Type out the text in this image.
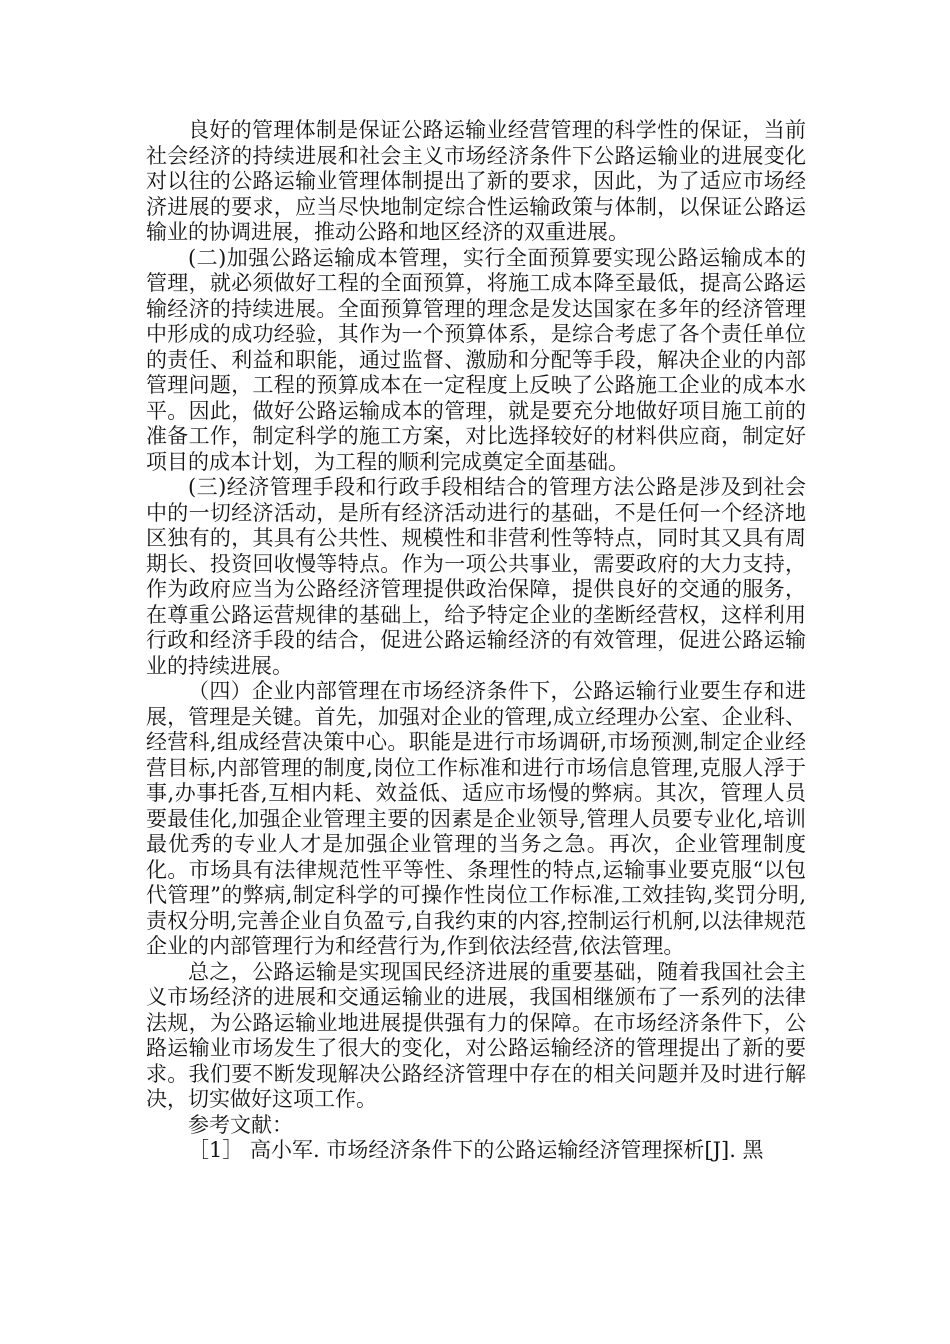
良好的管理体制是保证公路运输业经营管理的科学性的保证，当前社会经济的持续进展和社会主义市场经济条件下公路运输业的进展变化对以往的公路运输业管理体制提出了新的要求，因此，为了适应市场经济进展的要求，应当尽快地制定综合性运输政策与体制，以保证公路运输业的协调进展，推动公路和地区经济的双重进展。

(二)加强公路运输成本管理，实行全面预算要实现公路运输成本的管理，就必须做好工程的全面预算，将施工成本降至最低，提高公路运输经济的持续进展。全面预算管理的理念是发达国家在多年的经济管理中形成的成功经验，其作为一个预算体系，是综合考虑了各个责任单位的责任、利益和职能，通过监督、激励和分配等手段，解决企业的内部管理问题，工程的预算成本在一定程度上反映了公路施工企业的成本水平。因此，做好公路运输成本的管理，就是要充分地做好项目施工前的准备工作，制定科学的施工方案，对比选择较好的材料供应商，制定好项目的成本计划，为工程的顺利完成奠定全面基础。

(三)经济管理手段和行政手段相结合的管理方法公路是涉及到社会中的一切经济活动，是所有经济活动进行的基础，不是任何一个经济地区独有的，其具有公共性、规模性和非营利性等特点，同时其又具有周期长、投资回收慢等特点。作为一项公共事业，需要政府的大力支持，作为政府应当为公路经济管理提供政治保障，提供良好的交通的服务，在尊重公路运营规律的基础上，给予特定企业的垄断经营权，这样利用行政和经济手段的结合，促进公路运输经济的有效管理，促进公路运输业的持续进展。

（四）企业内部管理在市场经济条件下，公路运输行业要生存和进展，管理是关键。首先，加强对企业的管理,成立经理办公室、企业科、经营科,组成经营决策中心。职能是进行市场调研,市场预测,制定企业经营目标,内部管理的制度,岗位工作标准和进行市场信息管理,克服人浮于事,办事托沓,互相内耗、效益低、适应市场慢的弊病。其次，管理人员要最佳化,加强企业管理主要的因素是企业领导,管理人员要专业化,培训最优秀的专业人才是加强企业管理的当务之急。再次，企业管理制度化。市场具有法律规范性平等性、条理性的特点,运输事业要克服“以包代管理”的弊病,制定科学的可操作性岗位工作标准,工效挂钩,奖罚分明,责权分明,完善企业自负盈亏,自我约束的内容,控制运行机舸,以法律规范企业的内部管理行为和经营行为,作到依法经营,依法管理。

总之，公路运输是实现国民经济进展的重要基础，随着我国社会主义市场经济的进展和交通运输业的进展，我国相继颁布了一系列的法律法规，为公路运输业地进展提供强有力的保障。在市场经济条件下，公路运输业市场发生了很大的变化，对公路运输经济的管理提出了新的要求。我们要不断发现解决公路经济管理中存在的相关问题并及时进行解决，切实做好这项工作。

参考文献：

［1］ 高小军. 市场经济条件下的公路运输经济管理探析[J]. 黑
